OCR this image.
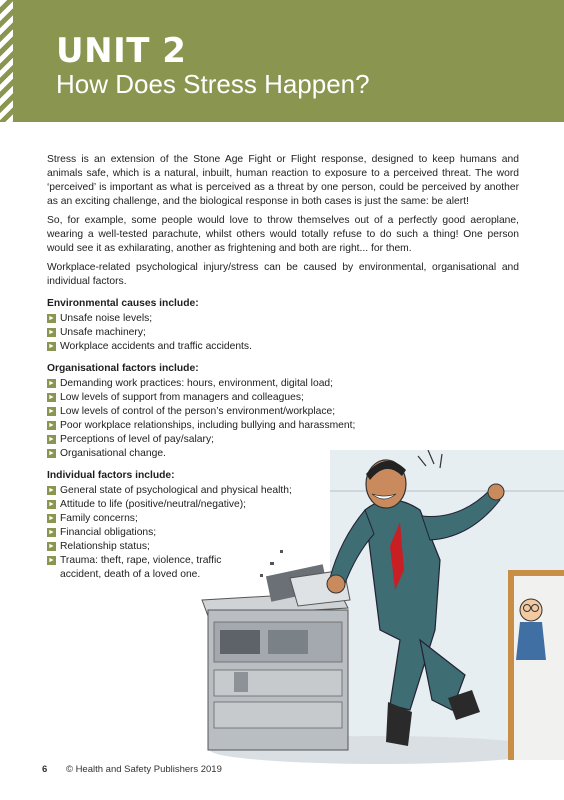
UNIT 2
How Does Stress Happen?

Stress is an extension of the Stone Age Fight or Flight response, designed to keep humans and animals safe, which is a natural, inbuilt, human reaction to exposure to a perceived threat. The word ‘perceived’ is important as what is perceived as a threat by one person, could be perceived by another as an exciting challenge, and the biological response in both cases is just the same: be alert!

So, for example, some people would love to throw themselves out of a perfectly good aeroplane, wearing a well-tested parachute, whilst others would totally refuse to do such a thing! One person would see it as exhilarating, another as frightening and both are right... for them.

Workplace-related psychological injury/stress can be caused by environmental, organisational and individual factors.

Environmental causes include:
► Unsafe noise levels;
► Unsafe machinery;
► Workplace accidents and traffic accidents.
Organisational factors include:
► Demanding work practices: hours, environment, digital load;
► Low levels of support from managers and colleagues;
► Low levels of control of the person’s environment/workplace;
► Poor workplace relationships, including bullying and harassment;
► Perceptions of level of pay/salary;
► Organisational change.
Individual factors include:
► General state of psychological and physical health;
► Attitude to life (positive/neutral/negative);
► Family concerns;
► Financial obligations;
► Relationship status;
► Trauma: theft, rape, violence, traffic accident, death of a loved one.
6 © Health and Safety Publishers 2019
